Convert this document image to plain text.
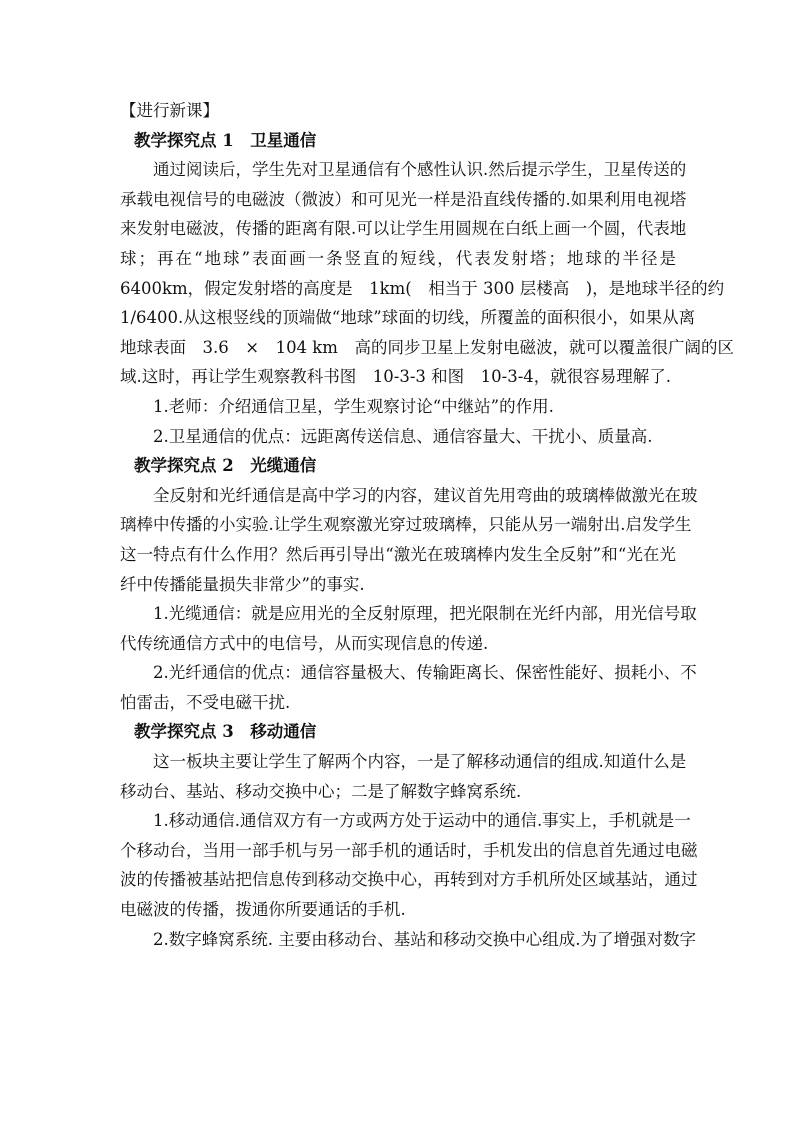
【进行新课】
教学探究点 1　卫星通信
通过阅读后，学生先对卫星通信有个感性认识.然后提示学生，卫星传送的
承载电视信号的电磁波（微波）和可见光一样是沿直线传播的.如果利用电视塔
来发射电磁波，传播的距离有限.可以让学生用圆规在白纸上画一个圆，代表地
球；再在“地球”表面画一条竖直的短线，代表发射塔；地球的半径是
6400km，假定发射塔的高度是　1km(　相当于 300 层楼高　)，是地球半径的约
1/6400.从这根竖线的顶端做“地球”球面的切线，所覆盖的面积很小，如果从离
地球表面　3.6　×　104 km　高的同步卫星上发射电磁波，就可以覆盖很广阔的区
域.这时，再让学生观察教科书图　10-3-3 和图　10-3-4，就很容易理解了.
1.老师：介绍通信卫星，学生观察讨论“中继站”的作用.
2.卫星通信的优点：远距离传送信息、通信容量大、干扰小、质量高.
教学探究点 2　光缆通信
全反射和光纤通信是高中学习的内容，建议首先用弯曲的玻璃棒做激光在玻
璃棒中传播的小实验.让学生观察激光穿过玻璃棒，只能从另一端射出.启发学生
这一特点有什么作用？然后再引导出“激光在玻璃棒内发生全反射”和“光在光
纤中传播能量损失非常少”的事实.
1.光缆通信：就是应用光的全反射原理，把光限制在光纤内部，用光信号取
代传统通信方式中的电信号，从而实现信息的传递.
2.光纤通信的优点：通信容量极大、传输距离长、保密性能好、损耗小、不
怕雷击，不受电磁干扰.
教学探究点 3　移动通信
这一板块主要让学生了解两个内容，一是了解移动通信的组成.知道什么是
移动台、基站、移动交换中心；二是了解数字蜂窝系统.
1.移动通信.通信双方有一方或两方处于运动中的通信.事实上，手机就是一
个移动台，当用一部手机与另一部手机的通话时，手机发出的信息首先通过电磁
波的传播被基站把信息传到移动交换中心，再转到对方手机所处区域基站，通过
电磁波的传播，拨通你所要通话的手机.
2.数字蜂窝系统. 主要由移动台、基站和移动交换中心组成.为了增强对数字
